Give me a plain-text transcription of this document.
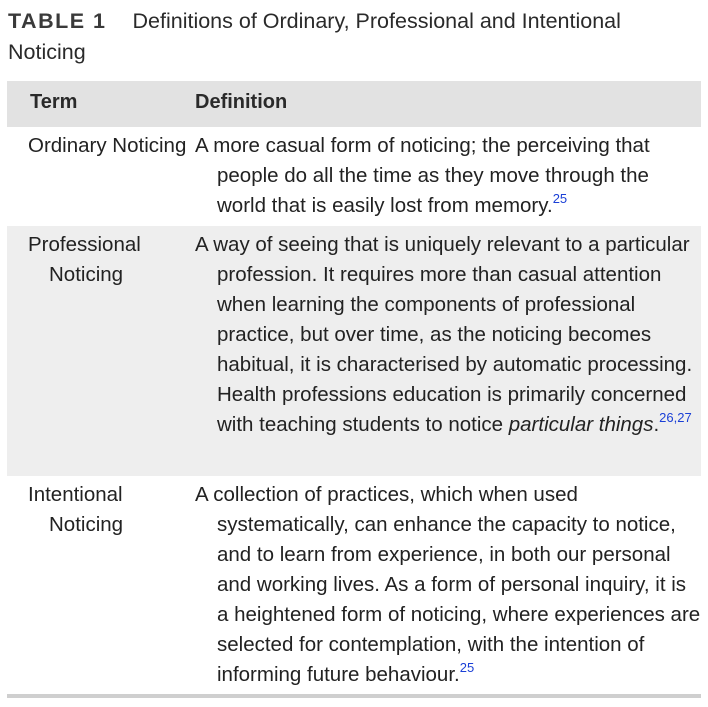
TABLE 1 Definitions of Ordinary, Professional and Intentional Noticing
Term	Definition
Ordinary Noticing A more casual form of noticing; the perceiving that people do all the time as they move through the world that is easily lost from memory.$^{25}$
Professional Noticing
A way of seeing that is uniquely relevant to a particular profession. It requires more than casual attention when learning the components of professional practice, but over time, as the noticing becomes habitual, it is characterised by automatic processing. Health professions education is primarily concerned with teaching students to notice particular things.$^{26,27}$
Intentional Noticing
A collection of practices, which when used systematically, can enhance the capacity to notice, and to learn from experience, in both our personal and working lives. As a form of personal inquiry, it is a heightened form of noticing, where experiences are selected for contemplation, with the intention of informing future behaviour.$^{25}$
